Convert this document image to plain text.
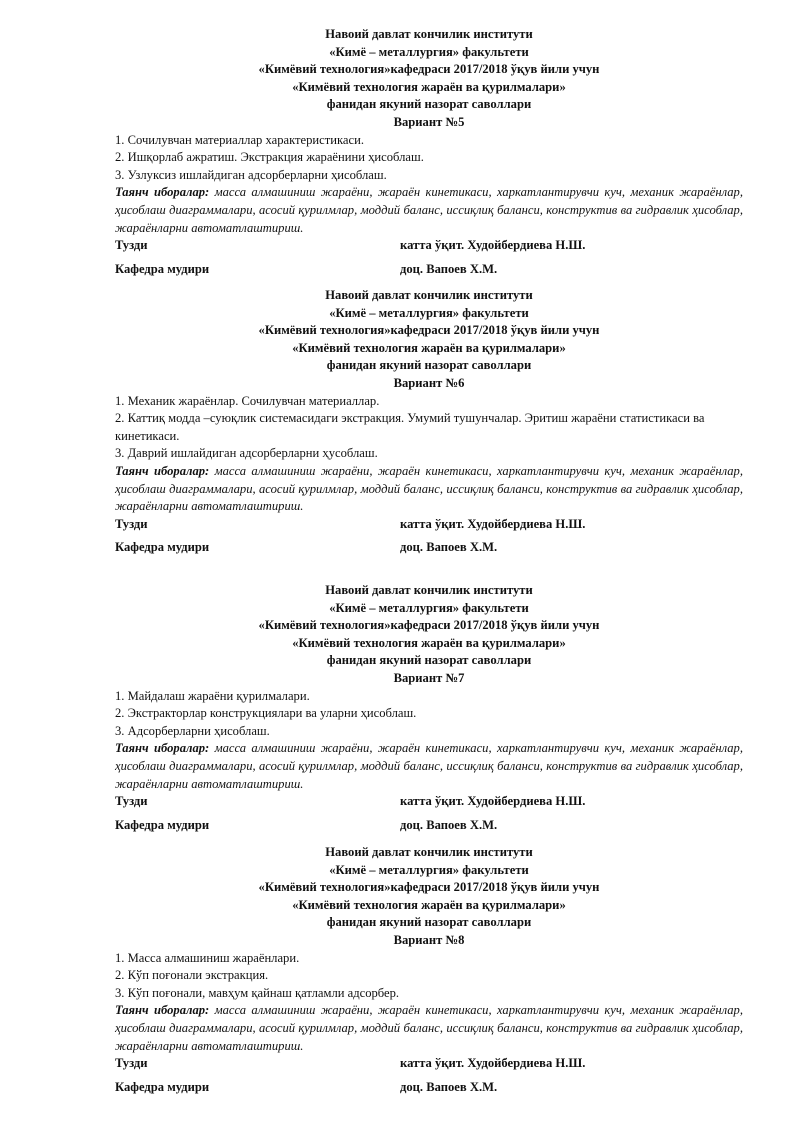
Навоий давлат кончилик институти
«Кимё – металлургия» факультети
«Кимёвий технология»кафедраси 2017/2018 ўқув йили учун
«Кимёвий технология жараён ва қурилмалари»
фанидан якуний назорат саволлари
Вариант №5
1. Сочилувчан материаллар характеристикаси.
2. Ишқорлаб ажратиш. Экстракция жараёнини ҳисоблаш.
3. Узлуксиз ишлайдиган адсорберларни ҳисоблаш.
Таянч иборалар: масса алмашиниш жараёни, жараён кинетикаси, харкатлантирувчи куч, механик жараёнлар, ҳисоблаш диаграммалари, асосий қурилмлар, моддий баланс, иссиқлиқ баланси, конструктив ва гидравлик ҳисоблар, жараёнларни автоматлаштириш.
Тузди	катта ўқит. Худойбердиева Н.Ш.
Кафедра мудири	доц. Вапоев Х.М.
Навоий давлат кончилик институти
«Кимё – металлургия» факультети
«Кимёвий технология»кафедраси 2017/2018 ўқув йили учун
«Кимёвий технология жараён ва қурилмалари»
фанидан якуний назорат саволлари
Вариант №6
1. Механик жараёнлар. Сочилувчан материаллар.
2. Каттиқ модда –суюқлик системасидаги экстракция. Умумий тушунчалар. Эритиш жараёни статистикаси ва кинетикаси.
3. Даврий ишлайдиган адсорберларни ҳусоблаш.
Таянч иборалар: масса алмашиниш жараёни, жараён кинетикаси, харкатлантирувчи куч, механик жараёнлар, ҳисоблаш диаграммалари, асосий қурилмлар, моддий баланс, иссиқлиқ баланси, конструктив ва гидравлик ҳисоблар, жараёнларни автоматлаштириш.
Тузди	катта ўқит. Худойбердиева Н.Ш.
Кафедра мудири	доц. Вапоев Х.М.
Навоий давлат кончилик институти
«Кимё – металлургия» факультети
«Кимёвий технология»кафедраси 2017/2018 ўқув йили учун
«Кимёвий технология жараён ва қурилмалари»
фанидан якуний назорат саволлари
Вариант №7
1. Майдалаш жараёни қурилмалари.
2. Экстракторлар конструкциялари ва уларни ҳисоблаш.
3. Адсорберларни ҳисоблаш.
Таянч иборалар: масса алмашиниш жараёни, жараён кинетикаси, харкатлантирувчи куч, механик жараёнлар, ҳисоблаш диаграммалари, асосий қурилмлар, моддий баланс, иссиқлиқ баланси, конструктив ва гидравлик ҳисоблар, жараёнларни автоматлаштириш.
Тузди	катта ўқит. Худойбердиева Н.Ш.
Кафедра мудири	доц. Вапоев Х.М.
Навоий давлат кончилик институти
«Кимё – металлургия» факультети
«Кимёвий технология»кафедраси 2017/2018 ўқув йили учун
«Кимёвий технология жараён ва қурилмалари»
фанидан якуний назорат саволлари
Вариант №8
1. Масса алмашиниш жараёнлари.
2. Кўп поғонали экстракция.
3. Кўп поғонали, мавҳум қайнаш қатламли адсорбер.
Таянч иборалар: масса алмашиниш жараёни, жараён кинетикаси, харкатлантирувчи куч, механик жараёнлар, ҳисоблаш диаграммалари, асосий қурилмлар, моддий баланс, иссиқлиқ баланси, конструктив ва гидравлик ҳисоблар, жараёнларни автоматлаштириш.
Тузди	катта ўқит. Худойбердиева Н.Ш.
Кафедра мудири	доц. Вапоев Х.М.
